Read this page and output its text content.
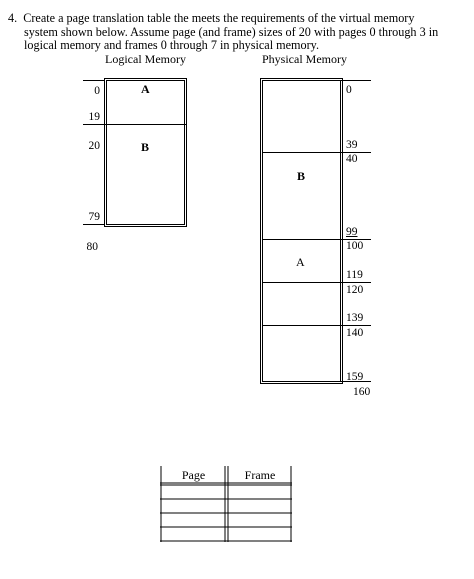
4. Create a page translation table the meets the requirements of the virtual memory
system shown below. Assume page (and frame) sizes of 20 with pages 0 through 3 in
logical memory and frames 0 through 7 in physical memory.
Logical Memory	Physical Memory
0
19
20
79
80
A
B
0
39
40
99
100
119
120
139
140
159
160
B
A
Page	Frame
